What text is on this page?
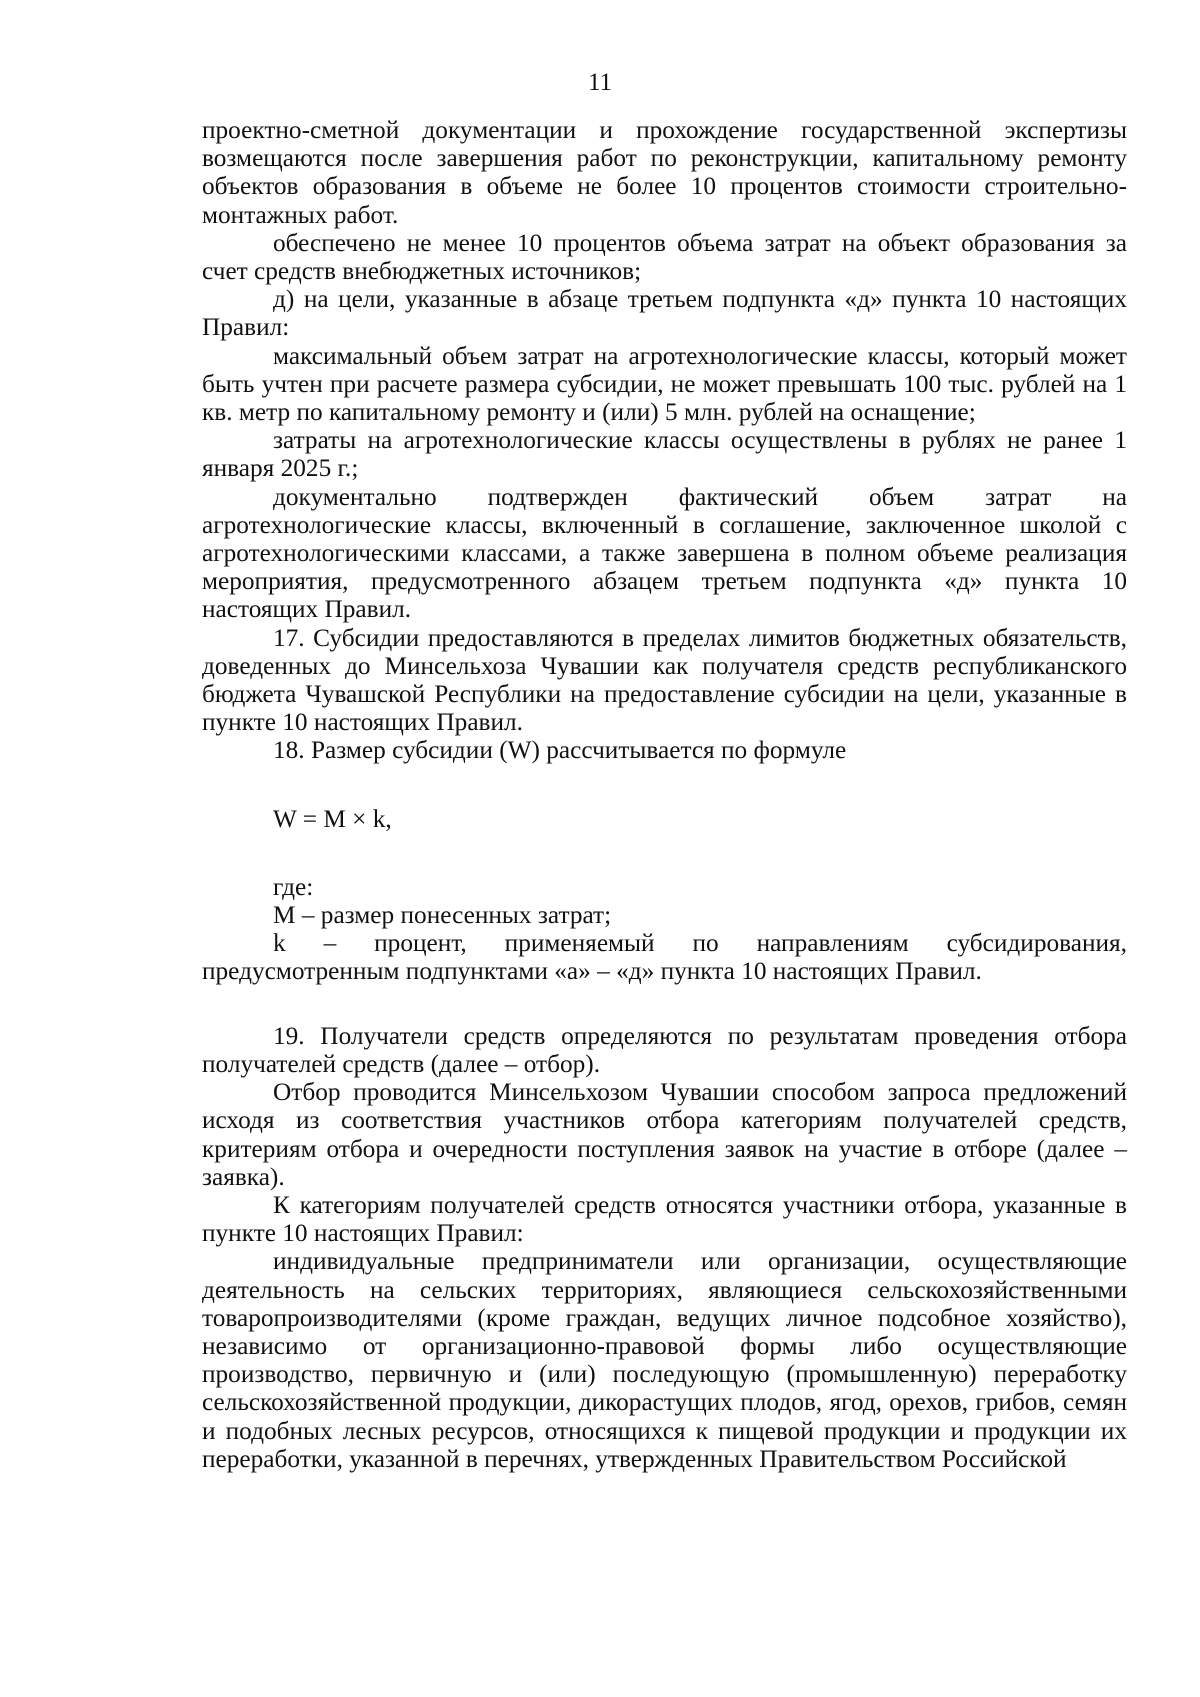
11

проектно-сметной документации и прохождение государственной экспертизы возмещаются после завершения работ по реконструкции, капитальному ремонту объектов образования в объеме не более 10 процентов стоимости строительно-монтажных работ.

обеспечено не менее 10 процентов объема затрат на объект образования за счет средств внебюджетных источников;

д) на цели, указанные в абзаце третьем подпункта «д» пункта 10 настоящих Правил:

максимальный объем затрат на агротехнологические классы, который может быть учтен при расчете размера субсидии, не может превышать 100 тыс. рублей на 1 кв. метр по капитальному ремонту и (или) 5 млн. рублей на оснащение;

затраты на агротехнологические классы осуществлены в рублях не ранее 1 января 2025 г.;

документально подтвержден фактический объем затрат на агротехнологические классы, включенный в соглашение, заключенное школой с агротехнологическими классами, а также завершена в полном объеме реализация мероприятия, предусмотренного абзацем третьем подпункта «д» пункта 10 настоящих Правил.

17. Субсидии предоставляются в пределах лимитов бюджетных обязательств, доведенных до Минсельхоза Чувашии как получателя средств республиканского бюджета Чувашской Республики на предоставление субсидии на цели, указанные в пункте 10 настоящих Правил.

18. Размер субсидии (W) рассчитывается по формуле

W = M × k,

где:

M – размер понесенных затрат;

k – процент, применяемый по направлениям субсидирования, предусмотренным подпунктами «а» – «д» пункта 10 настоящих Правил.

19. Получатели средств определяются по результатам проведения отбора получателей средств (далее – отбор).

Отбор проводится Минсельхозом Чувашии способом запроса предложений исходя из соответствия участников отбора категориям получателей средств, критериям отбора и очередности поступления заявок на участие в отборе (далее – заявка).

К категориям получателей средств относятся участники отбора, указанные в пункте 10 настоящих Правил:

индивидуальные предприниматели или организации, осуществляющие деятельность на сельских территориях, являющиеся сельскохозяйственными товаропроизводителями (кроме граждан, ведущих личное подсобное хозяйство), независимо от организационно-правовой формы либо осуществляющие производство, первичную и (или) последующую (промышленную) переработку сельскохозяйственной продукции, дикорастущих плодов, ягод, орехов, грибов, семян и подобных лесных ресурсов, относящихся к пищевой продукции и продукции их переработки, указанной в перечнях, утвержденных Правительством Российской
